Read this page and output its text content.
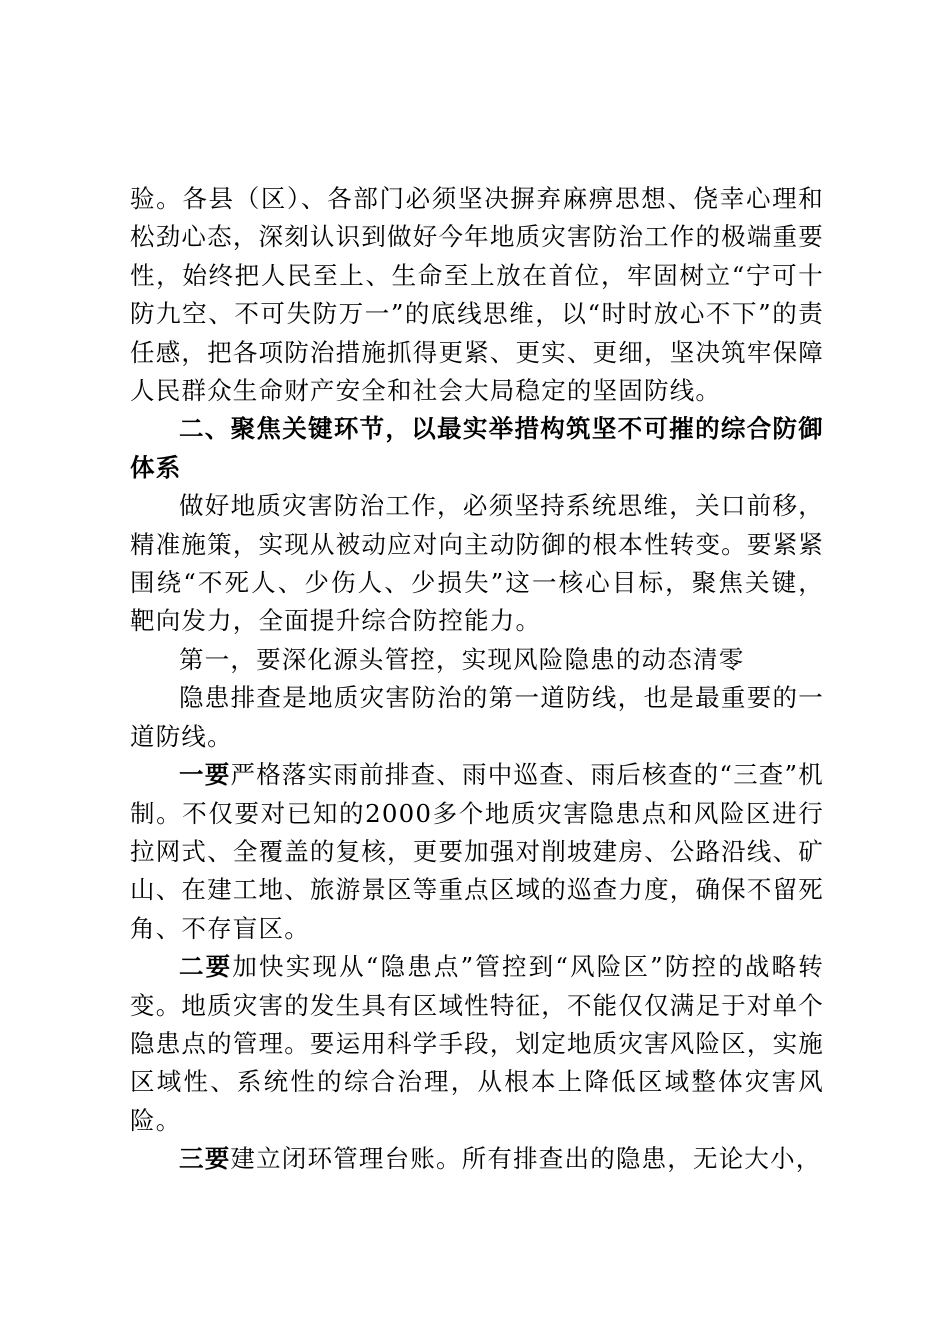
验。各县（区）、各部门必须坚决摒弃麻痹思想、侥幸心理和松劲心态，深刻认识到做好今年地质灾害防治工作的极端重要性，始终把人民至上、生命至上放在首位，牢固树立“宁可十防九空、不可失防万一”的底线思维，以“时时放心不下”的责任感，把各项防治措施抓得更紧、更实、更细，坚决筑牢保障人民群众生命财产安全和社会大局稳定的坚固防线。

二、聚焦关键环节，以最实举措构筑坚不可摧的综合防御体系

做好地质灾害防治工作，必须坚持系统思维，关口前移，精准施策，实现从被动应对向主动防御的根本性转变。要紧紧围绕“不死人、少伤人、少损失”这一核心目标，聚焦关键，靶向发力，全面提升综合防控能力。

第一，要深化源头管控，实现风险隐患的动态清零

隐患排查是地质灾害防治的第一道防线，也是最重要的一道防线。

一要严格落实雨前排查、雨中巡查、雨后核查的“三查”机制。不仅要对已知的2000多个地质灾害隐患点和风险区进行拉网式、全覆盖的复核，更要加强对削坡建房、公路沿线、矿山、在建工地、旅游景区等重点区域的巡查力度，确保不留死角、不存盲区。

二要加快实现从“隐患点”管控到“风险区”防控的战略转变。地质灾害的发生具有区域性特征，不能仅仅满足于对单个隐患点的管理。要运用科学手段，划定地质灾害风险区，实施区域性、系统性的综合治理，从根本上降低区域整体灾害风险。

三要建立闭环管理台账。所有排查出的隐患，无论大小，
